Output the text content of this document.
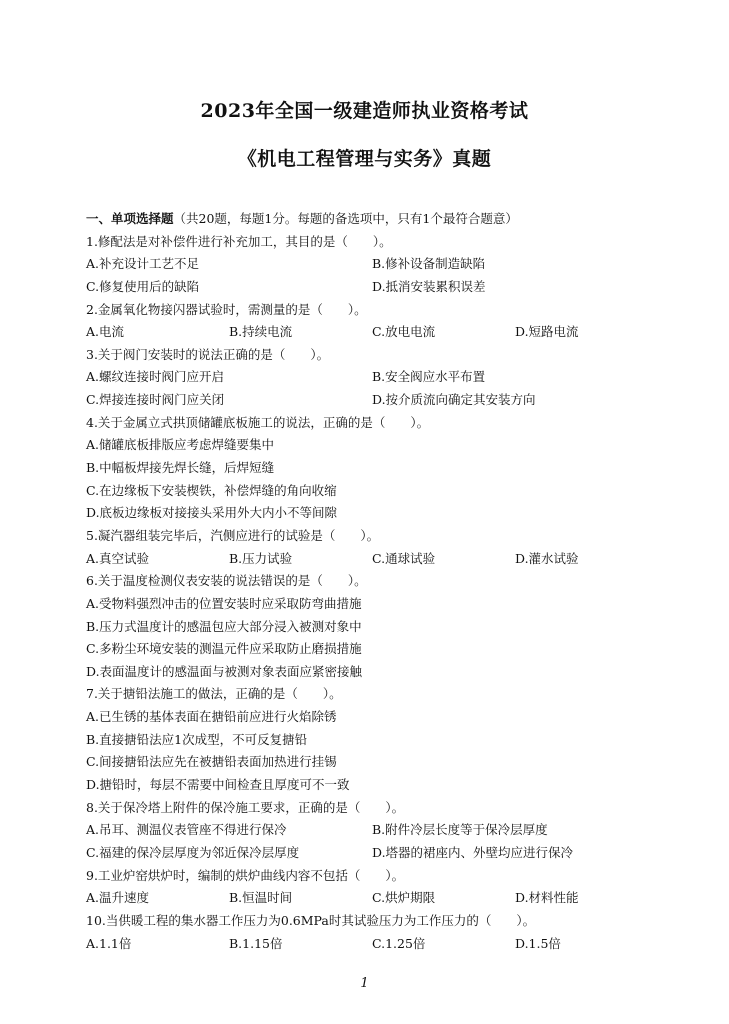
2023年全国一级建造师执业资格考试
《机电工程管理与实务》真题
一、单项选择题（共20题，每题1分。每题的备选项中，只有1个最符合题意）
1.修配法是对补偿件进行补充加工，其目的是（　　）。
A.补充设计工艺不足	B.修补设备制造缺陷
C.修复使用后的缺陷	D.抵消安装累积误差
2.金属氧化物接闪器试验时，需测量的是（　　）。
A.电流	B.持续电流	C.放电电流	D.短路电流
3.关于阀门安装时的说法正确的是（　　）。
A.螺纹连接时阀门应开启	B.安全阀应水平布置
C.焊接连接时阀门应关闭	D.按介质流向确定其安装方向
4.关于金属立式拱顶储罐底板施工的说法，正确的是（　　）。
A.储罐底板排版应考虑焊缝要集中
B.中幅板焊接先焊长缝，后焊短缝
C.在边缘板下安装楔铁，补偿焊缝的角向收缩
D.底板边缘板对接接头采用外大内小不等间隙
5.凝汽器组装完毕后，汽侧应进行的试验是（　　）。
A.真空试验	B.压力试验	C.通球试验	D.灌水试验
6.关于温度检测仪表安装的说法错误的是（　　）。
A.受物料强烈冲击的位置安装时应采取防弯曲措施
B.压力式温度计的感温包应大部分浸入被测对象中
C.多粉尘环境安装的测温元件应采取防止磨损措施
D.表面温度计的感温面与被测对象表面应紧密接触
7.关于搪铅法施工的做法，正确的是（　　）。
A.已生锈的基体表面在搪铅前应进行火焰除锈
B.直接搪铅法应1次成型，不可反复搪铅
C.间接搪铅法应先在被搪铅表面加热进行挂锡
D.搪铅时，每层不需要中间检查且厚度可不一致
8.关于保冷塔上附件的保冷施工要求，正确的是（　　）。
A.吊耳、测温仪表管座不得进行保冷	B.附件冷层长度等于保冷层厚度
C.福建的保冷层厚度为邻近保冷层厚度	D.塔器的裙座内、外壁均应进行保冷
9.工业炉窑烘炉时，编制的烘炉曲线内容不包括（　　）。
A.温升速度	B.恒温时间	C.烘炉期限	D.材料性能
10.当供暖工程的集水器工作压力为0.6MPa时其试验压力为工作压力的（　　）。
A.1.1倍	B.1.15倍	C.1.25倍	D.1.5倍
1
